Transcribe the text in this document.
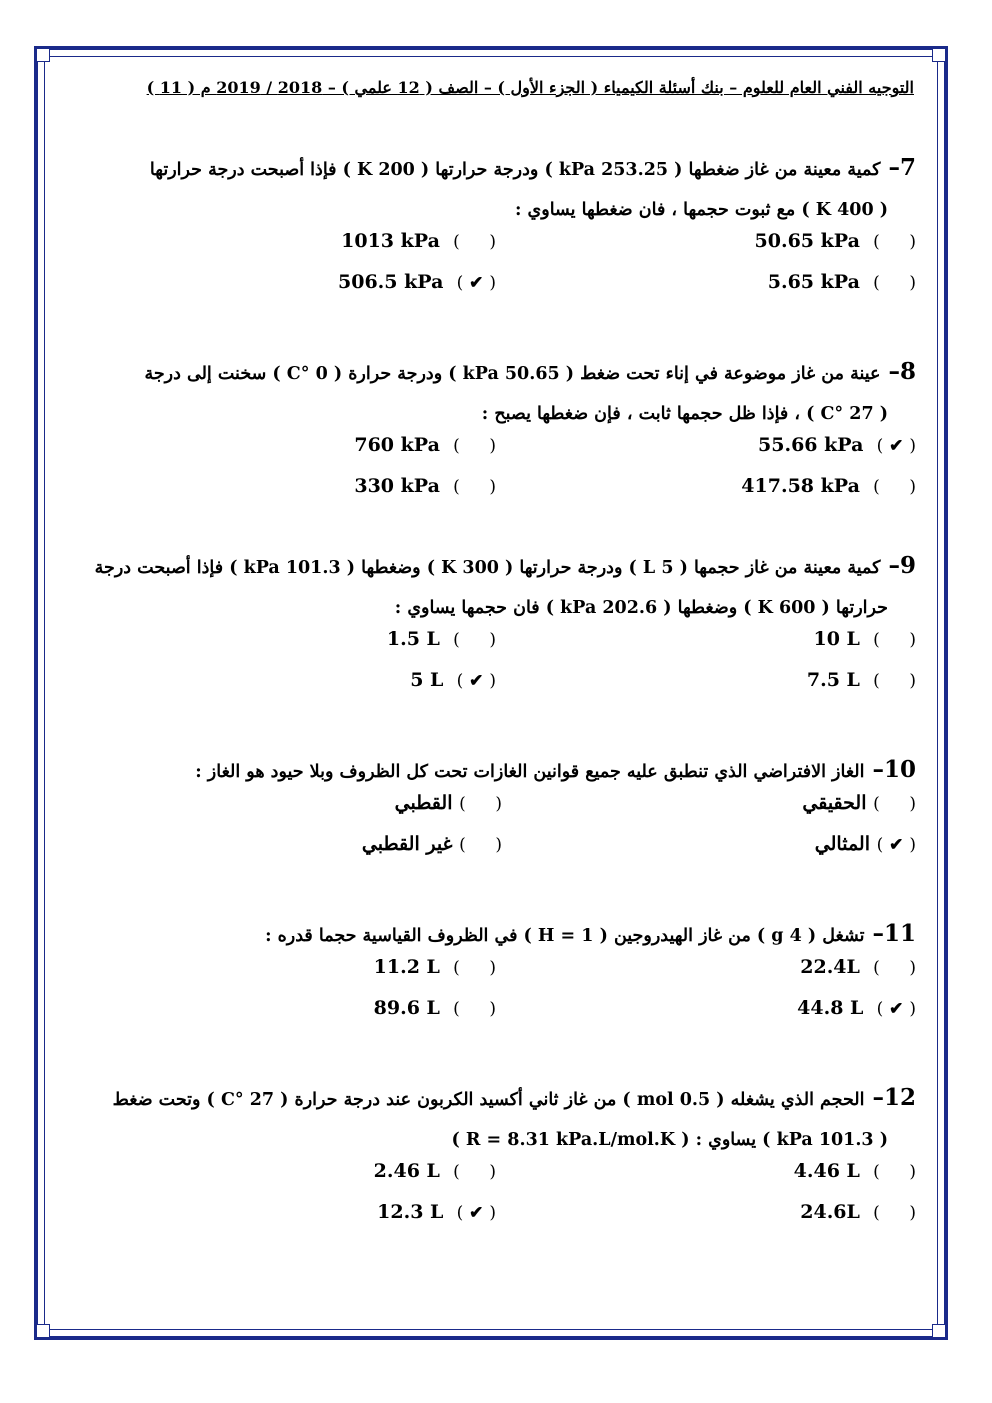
التوجيه الفني العام للعلوم – بنك أسئلة الكيمياء ( الجزء الأول ) – الصف ( 12 علمي ) – 2018 / 2019 م ( 11 )
7– كمية معينة من غاز ضغطها ( 253.25 kPa ) ودرجة حرارتها ( 200 K ) فإذا أصبحت درجة حرارتها
( 400 K ) مع ثبوت حجمها ، فان ضغطها يساوي :
8– عينة من غاز موضوعة في إناء تحت ضغط ( 50.65 kPa ) ودرجة حرارة ( 0 °C ) سخنت إلى درجة
( 27 °C ) ، فإذا ظل حجمها ثابت ، فإن ضغطها يصبح :
9– كمية معينة من غاز حجمها ( 5 L ) ودرجة حرارتها ( 300 K ) وضغطها ( 101.3 kPa ) فإذا أصبحت درجة
حرارتها ( 600 K ) وضغطها ( 202.6 kPa ) فان حجمها يساوي :
10– الغاز الافتراضي الذي تنطبق عليه جميع قوانين الغازات تحت كل الظروف وبلا حيود هو الغاز :
11– تشغل ( 4 g ) من غاز الهيدروجين ( H = 1 ) في الظروف القياسية حجما قدره :
12– الحجم الذي يشغله ( 0.5 mol ) من غاز ثاني أكسيد الكربون عند درجة حرارة ( 27 °C ) وتحت ضغط
( 101.3 kPa ) يساوي : ( R = 8.31 kPa.L/mol.K )
50.65 kPa ( )
1013 kPa ( )
5.65 kPa ( )
506.5 kPa ( ✔ )
55.66 kPa ( ✔ )
760 kPa ( )
417.58 kPa ( )
330 kPa ( )
10 L ( )
1.5 L ( )
7.5 L ( )
5 L ( ✔ )
(     ) الحقيقي
(     ) القطبي
( ✔ ) المثالي
(     ) غير القطبي
22.4L ( )
11.2 L ( )
44.8 L ( ✔ )
89.6 L ( )
4.46 L ( )
2.46 L ( )
24.6L ( )
12.3 L ( ✔ )
